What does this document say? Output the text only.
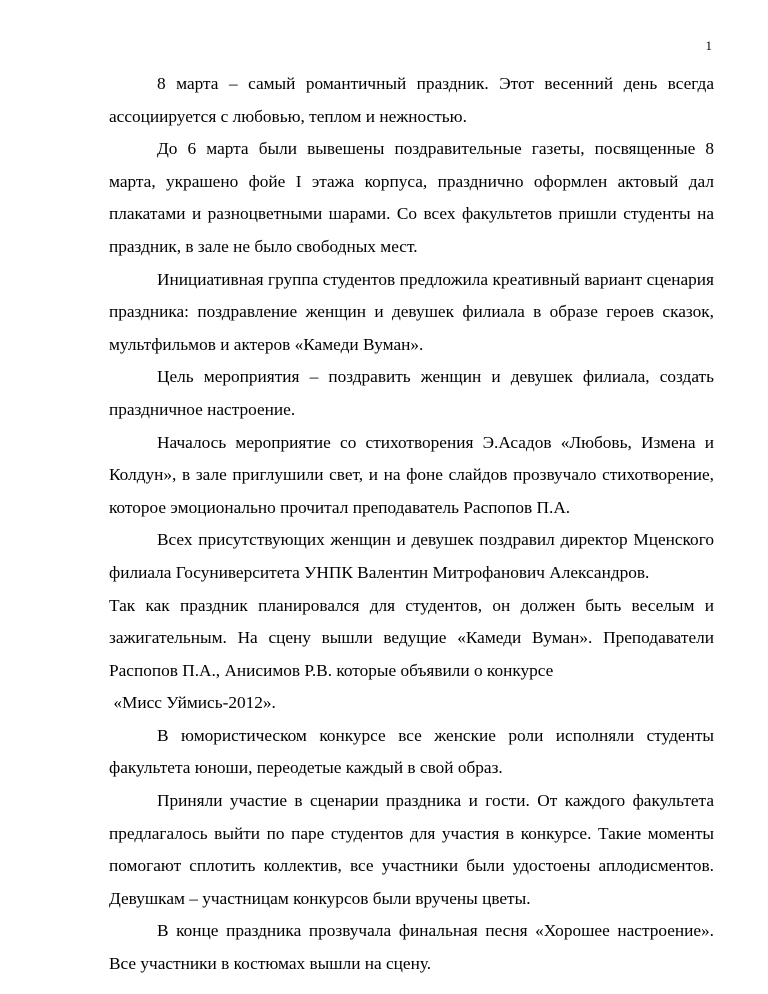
1

8 марта – самый романтичный праздник. Этот весенний день всегда ассоциируется с любовью, теплом и нежностью.

До 6 марта были вывешены поздравительные газеты, посвященные 8 марта, украшено фойе I этажа корпуса, празднично оформлен актовый дал плакатами и разноцветными шарами. Со всех факультетов пришли студенты на праздник, в зале не было свободных мест.

Инициативная группа студентов предложила креативный вариант сценария праздника: поздравление женщин и девушек филиала в образе героев сказок, мультфильмов и актеров «Камеди Вуман».

Цель мероприятия – поздравить женщин и девушек филиала, создать праздничное настроение.

Началось мероприятие со стихотворения Э.Асадов «Любовь, Измена и Колдун», в зале приглушили свет, и на фоне слайдов прозвучало стихотворение, которое эмоционально прочитал преподаватель Распопов П.А.

Всех присутствующих женщин и девушек поздравил директор Мценского филиала Госуниверситета УНПК Валентин Митрофанович Александров.

Так как праздник планировался для студентов, он должен быть веселым и зажигательным. На сцену вышли ведущие «Камеди Вуман». Преподаватели Распопов П.А., Анисимов Р.В. которые объявили о конкурсе

«Мисс Уймись-2012».

В юмористическом конкурсе все женские роли исполняли студенты факультета юноши, переодетые каждый в свой образ.

Приняли участие в сценарии праздника и гости. От каждого факультета предлагалось выйти по паре студентов для участия в конкурсе. Такие моменты помогают сплотить коллектив, все участники были удостоены аплодисментов. Девушкам – участницам конкурсов были вручены цветы.

В конце праздника прозвучала финальная песня «Хорошее настроение». Все участники в костюмах вышли на сцену.
